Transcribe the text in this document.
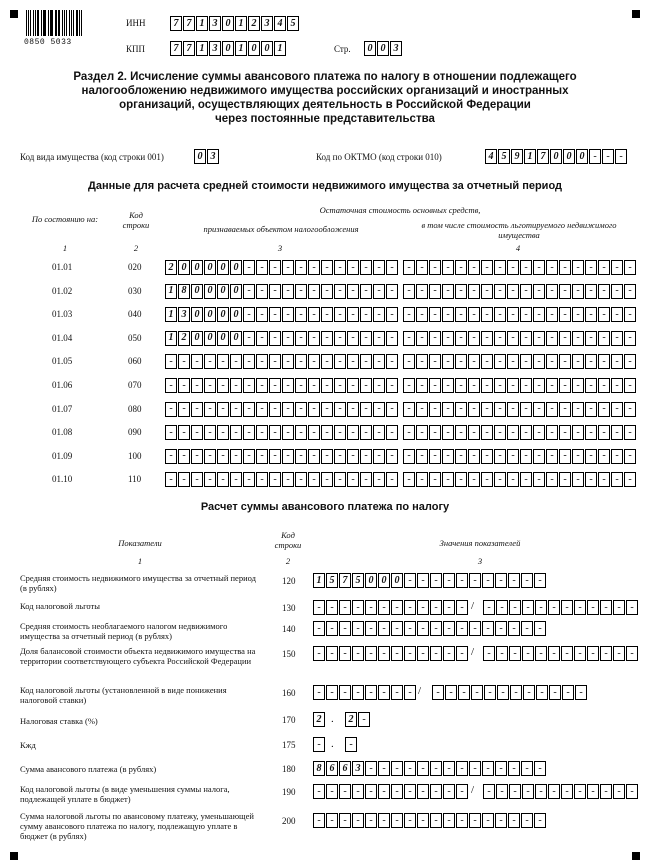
0850 5033
ИНН	7 7 1 3 0 1 2 3 4 5
КПП	7 7 1 3 0 1 0 0 1	Стр.	0 0 3
Раздел 2. Исчисление суммы авансового платежа по налогу в отношении подлежащего
налогообложению недвижимого имущества российских организаций и иностранных
организаций, осуществляющих деятельность в Российской Федерации
через постоянные представительства
Код вида имущества (код строки 001)	0 3	Код по ОКТМО (код строки 010)	4 5 9 1 7 0 0 0 - - -
Данные для расчета средней стоимости недвижимого имущества за отчетный период
По состоянию на:	Код строки
Остаточная стоимость основных средств,
признаваемых объектом налогообложения	в том числе стоимость льготируемого недвижимого имущества
1	2	3	4
01.01	020	2 0 0 0 0 0 - - - - - - - - - - - -	- - - - - - - - - - - - - - - - - -
01.02	030	1 8 0 0 0 0 - - - - - - - - - - - -	- - - - - - - - - - - - - - - - - -
01.03	040	1 3 0 0 0 0 - - - - - - - - - - - -	- - - - - - - - - - - - - - - - - -
01.04	050	1 2 0 0 0 0 - - - - - - - - - - - -	- - - - - - - - - - - - - - - - - -
01.05	060	- - - - - - - - - - - - - - - - - -	- - - - - - - - - - - - - - - - - -
01.06	070	- - - - - - - - - - - - - - - - - -	- - - - - - - - - - - - - - - - - -
01.07	080	- - - - - - - - - - - - - - - - - -	- - - - - - - - - - - - - - - - - -
01.08	090	- - - - - - - - - - - - - - - - - -	- - - - - - - - - - - - - - - - - -
01.09	100	- - - - - - - - - - - - - - - - - -	- - - - - - - - - - - - - - - - - -
01.10	110	- - - - - - - - - - - - - - - - - -	- - - - - - - - - - - - - - - - - -
Расчет суммы авансового платежа по налогу
Показатели
Код строки	Значения показателей
1	2	3
Средняя стоимость недвижимого имущества за отчетный период (в рублях)
120	1 5 7 5 0 0 0 - - - - - - - - - - -
Код налоговой льготы	130	- - - - - - - - - - - - /	- - - - - - - - - - - -
Средняя стоимость необлагаемого налогом недвижимого имущества за отчетный период (в рублях)
140	- - - - - - - - - - - - - - - - - -
Доля балансовой стоимости объекта недвижимого имущества на территории соответствующего субъекта Российской Федерации
150	- - - - - - - - - - - - /	- - - - - - - - - - - -
Код налоговой льготы (установленной в виде понижения налоговой ставки)
160	- - - - - - - - /	- - - - - - - - - - - -
Налоговая ставка (%)	170	2 .	2 -
Кжд	175	- .	-
Сумма авансового платежа (в рублях)	180	8 6 6 3 - - - - - - - - - - - - - -
Код налоговой льготы (в виде уменьшения суммы налога, подлежащей уплате в бюджет)
190	- - - - - - - - - - - - /	- - - - - - - - - - - -
Сумма налоговой льготы по авансовому платежу, уменьшающей сумму авансового платежа по налогу, подлежащую уплате в бюджет (в рублях)
200	- - - - - - - - - - - - - - - - - -
